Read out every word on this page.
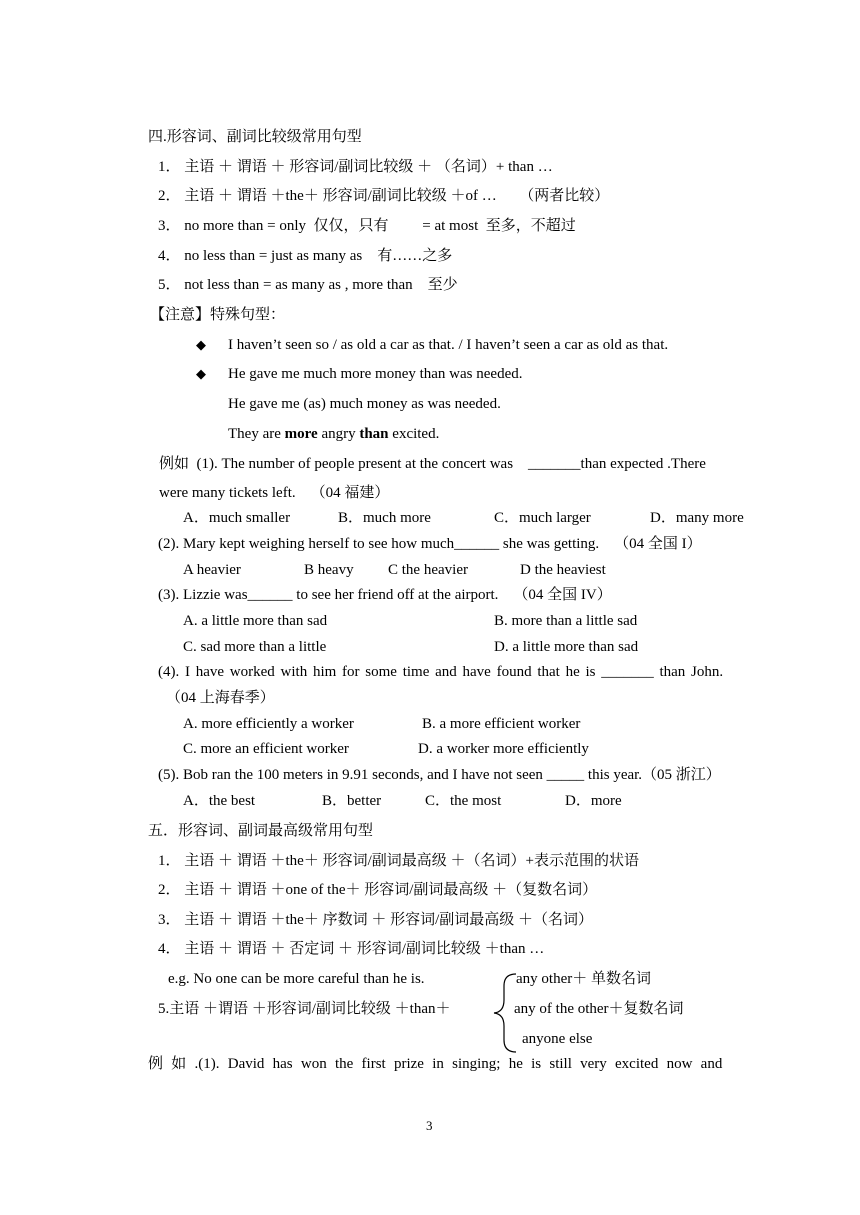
四.形容词、副词比较级常用句型
1． 主语 ＋ 谓语 ＋ 形容词/副词比较级 ＋ （名词）+ than …
2． 主语 ＋ 谓语 ＋the＋ 形容词/副词比较级 ＋of …      （两者比较）
3． no more than = only  仅仅，只有         = at most  至多，不超过
4． no less than = just as many as    有……之多
5． not less than = as many as , more than    至少
【注意】特殊句型：
◆ I haven’t seen so / as old a car as that. / I haven’t seen a car as old as that.
◆ He gave me much more money than was needed.
He gave me (as) much money as was needed.
They are more angry than excited.
例如  (1). The number of people present at the concert was    _______than expected .There
were many tickets left.    （04 福建）
A．much smaller	B．much more	C．much larger	D．many more
(2). Mary kept weighing herself to see how much______ she was getting.    （04 全国 I）
A heavier	B heavy C the heavier	D the heaviest
(3). Lizzie was______ to see her friend off at the airport.    （04 全国 IV）
A. a little more than sad	B. more than a little sad
C. sad more than a little	D. a little more than sad
(4). I have worked with him for some time and have found that he is _______ than John.
（04 上海春季）
A. more efficiently a worker	B. a more efficient worker
C. more an efficient worker	D. a worker more efficiently
(5). Bob ran the 100 meters in 9.91 seconds, and I have not seen _____ this year.（05 浙江）
A．the best	B．better	C．the most	D．more
五．形容词、副词最高级常用句型
1． 主语 ＋ 谓语 ＋the＋ 形容词/副词最高级 ＋（名词）+表示范围的状语
2． 主语 ＋ 谓语 ＋one of the＋ 形容词/副词最高级 ＋（复数名词）
3． 主语 ＋ 谓语 ＋the＋ 序数词 ＋ 形容词/副词最高级 ＋（名词）
4． 主语 ＋ 谓语 ＋ 否定词 ＋ 形容词/副词比较级 ＋than …
e.g. No one can be more careful than he is.
5.主语 ＋谓语 ＋形容词/副词比较级 ＋than＋
any other＋ 单数名词
any of the other＋复数名词
anyone else
例 如 .(1). David has won the first prize in singing; he is still very excited now and
3
